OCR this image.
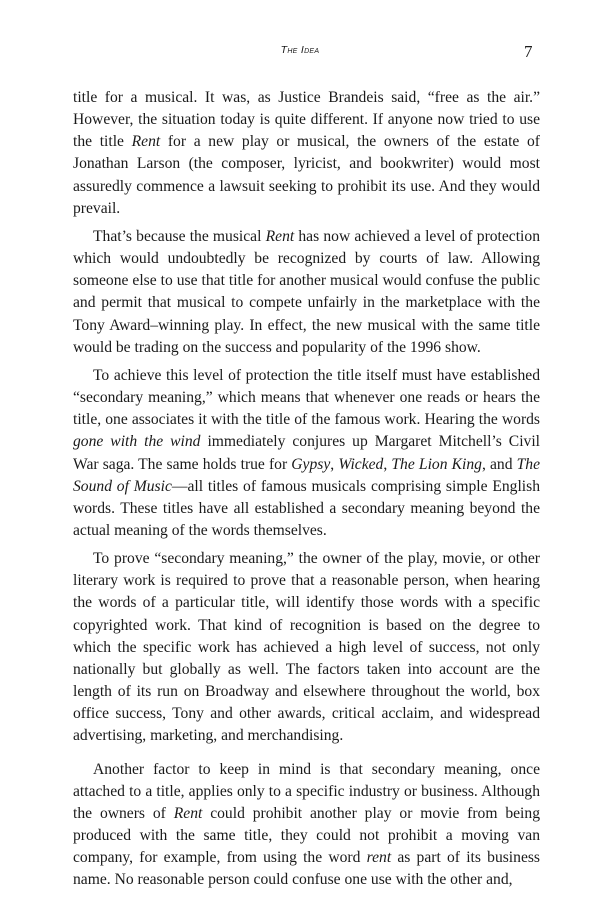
The Idea	7

title for a musical. It was, as Justice Brandeis said, “free as the air.” However, the situation today is quite different. If anyone now tried to use the title Rent for a new play or musical, the owners of the estate of Jonathan Larson (the composer, lyricist, and bookwriter) would most assuredly commence a lawsuit seeking to prohibit its use. And they would prevail.

That’s because the musical Rent has now achieved a level of protection which would undoubtedly be recognized by courts of law. Allowing someone else to use that title for another musical would confuse the public and permit that musical to compete unfairly in the marketplace with the Tony Award–winning play. In effect, the new musical with the same title would be trading on the success and popularity of the 1996 show.

To achieve this level of protection the title itself must have established “secondary meaning,” which means that whenever one reads or hears the title, one associates it with the title of the famous work. Hearing the words gone with the wind immediately conjures up Margaret Mitchell’s Civil War saga. The same holds true for Gypsy, Wicked, The Lion King, and The Sound of Music—all titles of famous musicals comprising simple English words. These titles have all established a secondary meaning beyond the actual meaning of the words themselves.

To prove “secondary meaning,” the owner of the play, movie, or other literary work is required to prove that a reasonable person, when hearing the words of a particular title, will identify those words with a specific copyrighted work. That kind of recognition is based on the degree to which the specific work has achieved a high level of success, not only nationally but globally as well. The factors taken into account are the length of its run on Broadway and elsewhere throughout the world, box office success, Tony and other awards, critical acclaim, and widespread advertising, marketing, and merchandising.

Another factor to keep in mind is that secondary meaning, once attached to a title, applies only to a specific industry or business. Although the owners of Rent could prohibit another play or movie from being produced with the same title, they could not prohibit a moving van company, for example, from using the word rent as part of its business name. No reasonable person could confuse one use with the other and,
